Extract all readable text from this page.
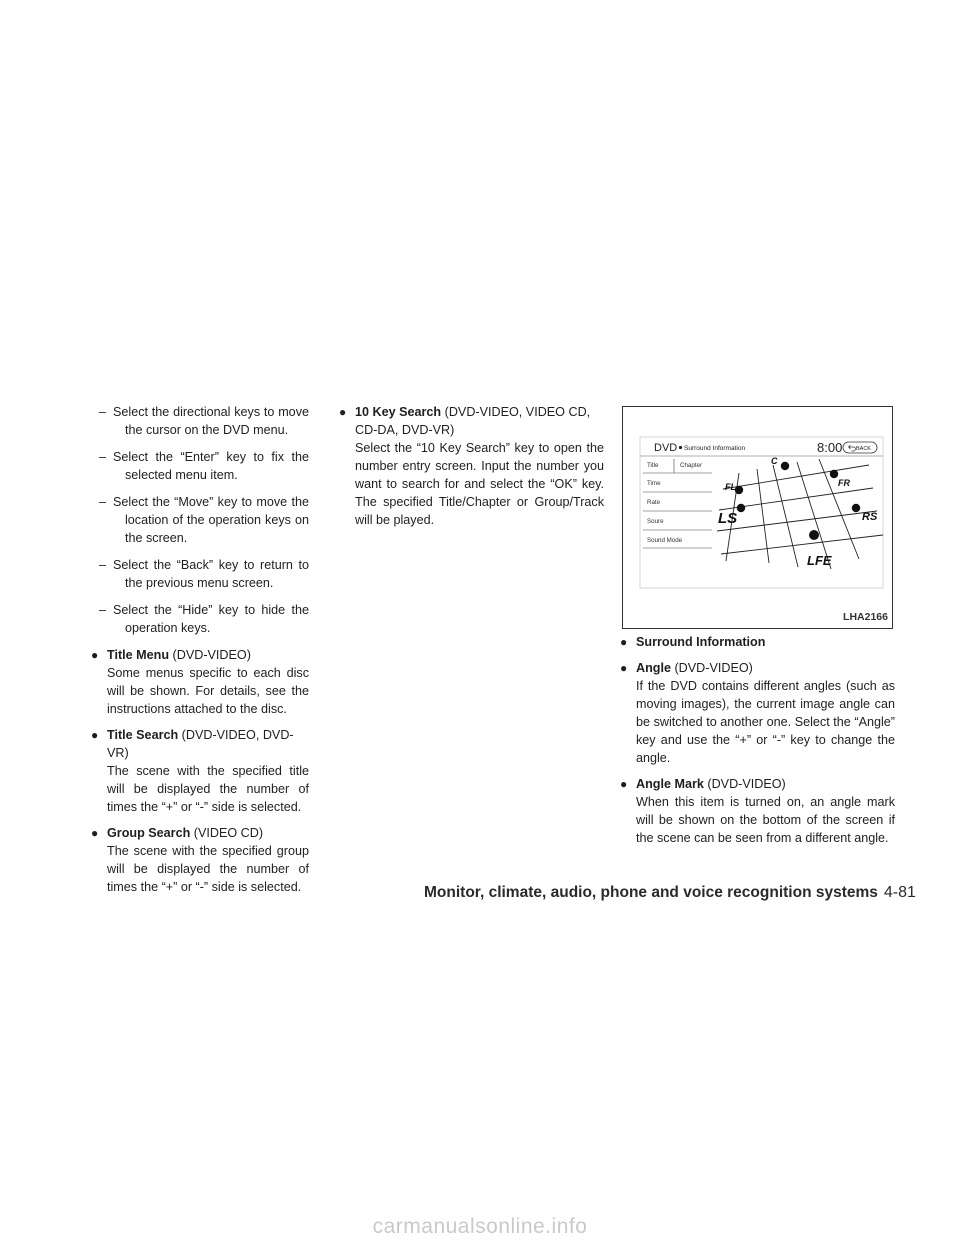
– Select the directional keys to move the cursor on the DVD menu.
– Select the “Enter” key to fix the selected menu item.
– Select the “Move” key to move the location of the operation keys on the screen.
– Select the “Back” key to return to the previous menu screen.
– Select the “Hide” key to hide the operation keys.
● Title Menu (DVD-VIDEO)
Some menus specific to each disc will be shown. For details, see the instructions attached to the disc.
● Title Search (DVD-VIDEO, DVD-VR)
The scene with the specified title will be displayed the number of times the “+” or “-” side is selected.
● Group Search (VIDEO CD)
The scene with the specified group will be displayed the number of times the “+” or “-” side is selected.
● 10 Key Search (DVD-VIDEO, VIDEO CD, CD-DA, DVD-VR)
Select the “10 Key Search” key to open the number entry screen. Input the number you want to search for and select the “OK” key. The specified Title/Chapter or Group/Track will be played.
DVD Surround Information	8:00 BACK
Title	Chapter
Time
Rate
Soure
Sound Mode
FL
C
FR
LS	RS
LFE
LHA2166
● Surround Information
● Angle (DVD-VIDEO)
If the DVD contains different angles (such as moving images), the current image angle can be switched to another one. Select the “Angle” key and use the “+” or “-” key to change the angle.
● Angle Mark (DVD-VIDEO)
When this item is turned on, an angle mark will be shown on the bottom of the screen if the scene can be seen from a different angle.
Monitor, climate, audio, phone and voice recognition systems 4-81
carmanualsonline.info
